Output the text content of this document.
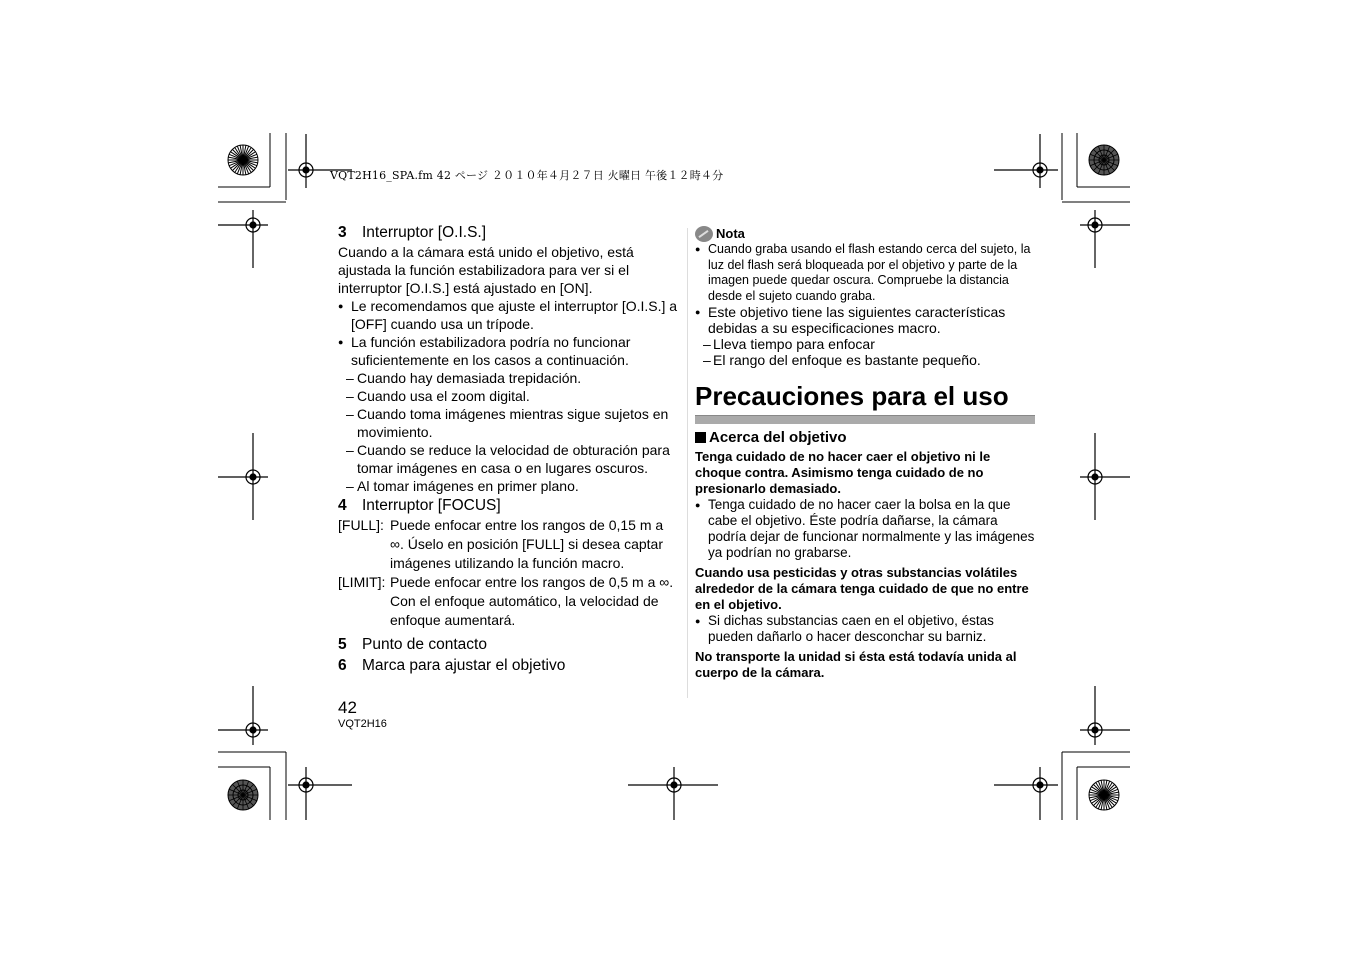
VQT2H16_SPA.fm 42 ページ ２０１０年４月２７日 火曜日 午後１２時４分
3 Interruptor [O.I.S.]

Cuando a la cámara está unido el objetivo, está ajustada la función estabilizadora para ver si el interruptor [O.I.S.] está ajustado en [ON].

● Le recomendamos que ajuste el interruptor [O.I.S.] a [OFF] cuando usa un trípode.
● La función estabilizadora podría no funcionar suficientemente en los casos a continuación.
– Cuando hay demasiada trepidación.
– Cuando usa el zoom digital.
– Cuando toma imágenes mientras sigue sujetos en movimiento.
– Cuando se reduce la velocidad de obturación para tomar imágenes en casa o en lugares oscuros.
– Al tomar imágenes en primer plano.
4 Interruptor [FOCUS]
[FULL]: Puede enfocar entre los rangos de 0,15 m a ∞. Úselo en posición [FULL] si desea captar imágenes utilizando la función macro.
[LIMIT]: Puede enfocar entre los rangos de 0,5 m a ∞. Con el enfoque automático, la velocidad de enfoque aumentará.
5 Punto de contacto
6 Marca para ajustar el objetivo
Nota
● Cuando graba usando el flash estando cerca del sujeto, la luz del flash será bloqueada por el objetivo y parte de la imagen puede quedar oscura. Compruebe la distancia desde el sujeto cuando graba.
● Este objetivo tiene las siguientes características debidas a su especificaciones macro.
– Lleva tiempo para enfocar
– El rango del enfoque es bastante pequeño.
Precauciones para el uso
Acerca del objetivo
Tenga cuidado de no hacer caer el objetivo ni le choque contra. Asimismo tenga cuidado de no presionarlo demasiado.
● Tenga cuidado de no hacer caer la bolsa en la que cabe el objetivo. Éste podría dañarse, la cámara podría dejar de funcionar normalmente y las imágenes ya podrían no grabarse.
Cuando usa pesticidas y otras substancias volátiles alrededor de la cámara tenga cuidado de que no entre en el objetivo.
● Si dichas substancias caen en el objetivo, éstas pueden dañarlo o hacer desconchar su barniz.
No transporte la unidad si ésta está todavía unida al cuerpo de la cámara.
42
VQT2H16
